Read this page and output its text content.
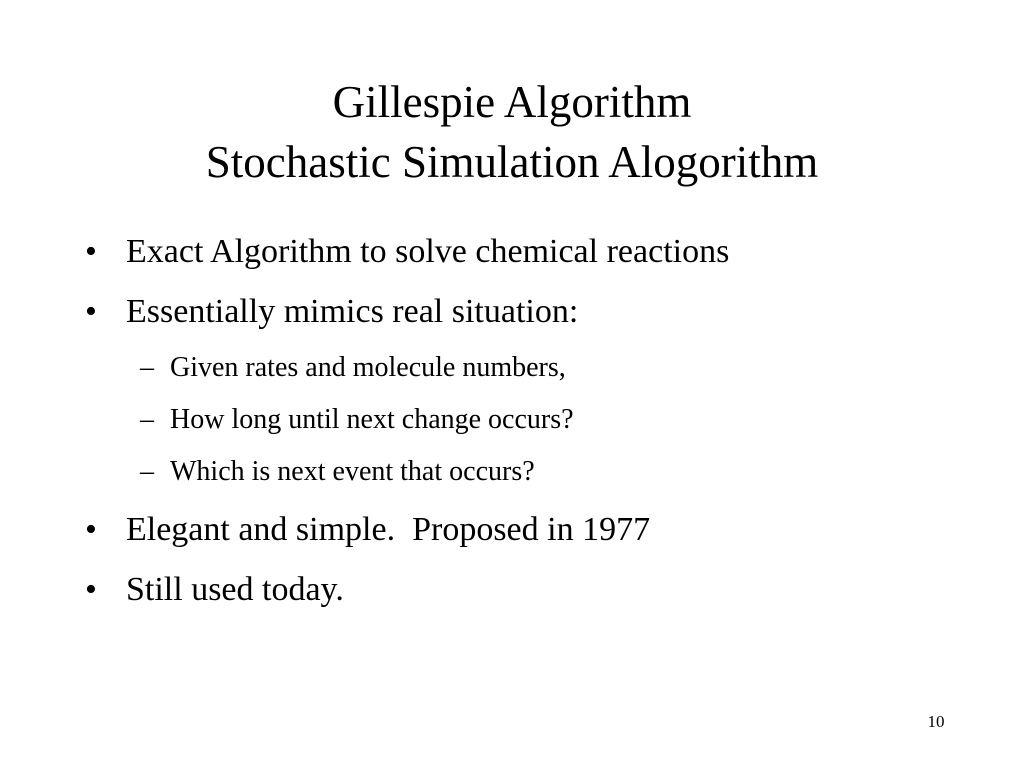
Gillespie Algorithm
Stochastic Simulation Alogorithm
• Exact Algorithm to solve chemical reactions
• Essentially mimics real situation:
– Given rates and molecule numbers,
– How long until next change occurs?
– Which is next event that occurs?
• Elegant and simple.  Proposed in 1977
• Still used today.
10
